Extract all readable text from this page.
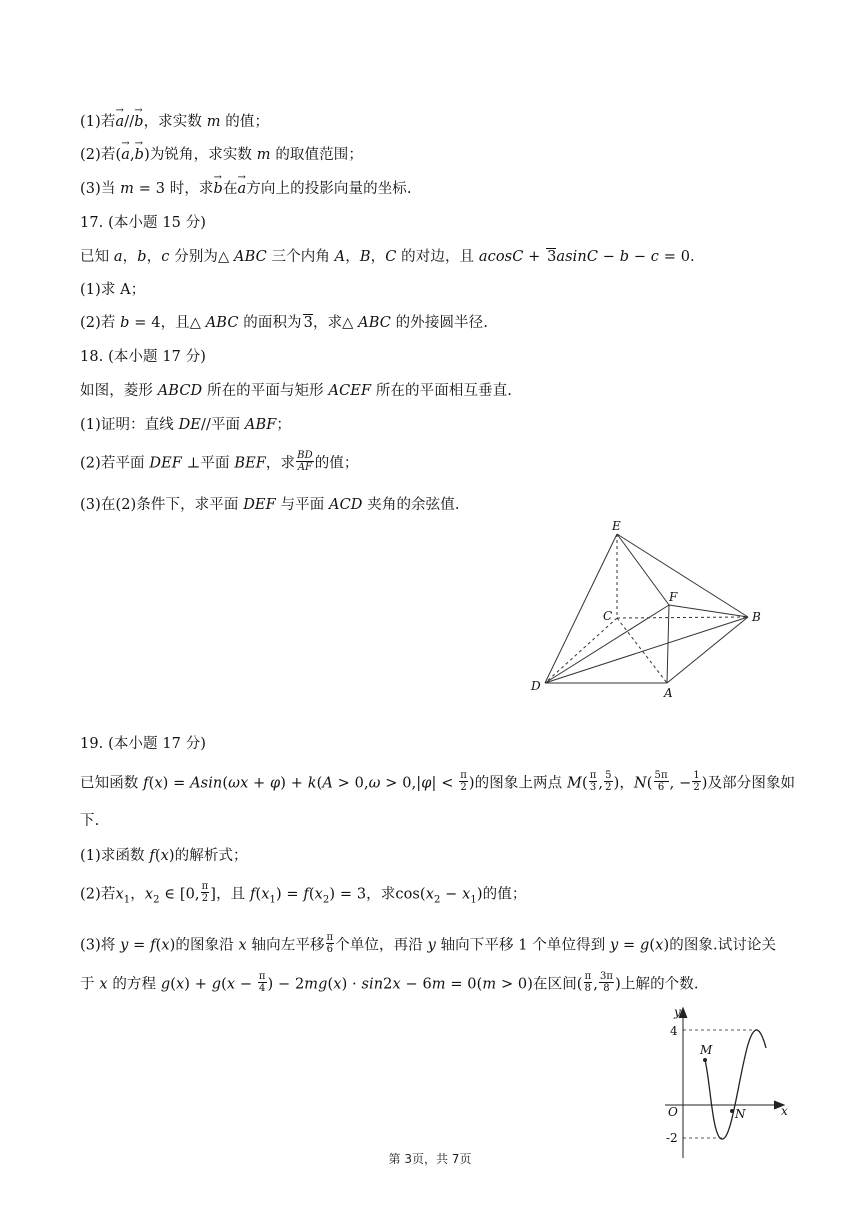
(1)若→ a//→ b，求实数 m 的值；
(2)若(→ a,→ b)为锐角，求实数 m 的取值范围；
(3)当 m = 3 时，求→ b在→ a方向上的投影向量的坐标.
17. (本小题 15 分)
已知 a，b，c 分别为△ ABC 三个内角 A，B，C 的对边，且 acosC + 3asinC − b − c = 0.
(1)求 A；
(2)若 b = 4，且△ ABC 的面积为 3，求△ ABC 的外接圆半径.
18. (本小题 17 分)
如图，菱形 ABCD 所在的平面与矩形 ACEF 所在的平面相互垂直.
(1)证明：直线 DE//平面 ABF；
(2)若平面 DEF ⊥平面 BEF，求 $\frac{BD}{AF}$ 的值；
(3)在(2)条件下，求平面 DEF 与平面 ACD 夹角的余弦值.
E
F
C	B
D	A
19. (本小题 17 分)
已知函数 $f(x) = Asin(\omega x + \varphi) + k(A > 0,\omega > 0,|\varphi| < \frac{\pi}{2}$ )的图象上两点 $M( \frac{\pi}{3}$ , $\frac{5}{2}$ )，$N( \frac{5\pi}{6}$ , − $\frac{1}{2}$ )及部分图象如
下.
(1)求函数 f(x)的解析式；
(2)若$x_1$，$x_2$ ∈ [0, $\frac{\pi}{2}$ ]，且 $f(x_1) = f(x_2) = 3$，求$\cos(x_2 - x_1)$的值；
(3)将 y = f(x)的图象沿 x 轴向左平移 $\frac{\pi}{6}$ 个单位，再沿 y 轴向下平移 1 个单位得到 y = g(x)的图象.试讨论关
于 x 的方程 $g(x) + g(x - \frac{\pi}{4}$ ) − 2mg(x) · sin2x − 6m = 0(m > 0)在区间( $\frac{\pi}{8}$ , $\frac{3\pi}{8}$ )上解的个数.
y
4
M
O	x
N
-2
第 3页，共 7页
